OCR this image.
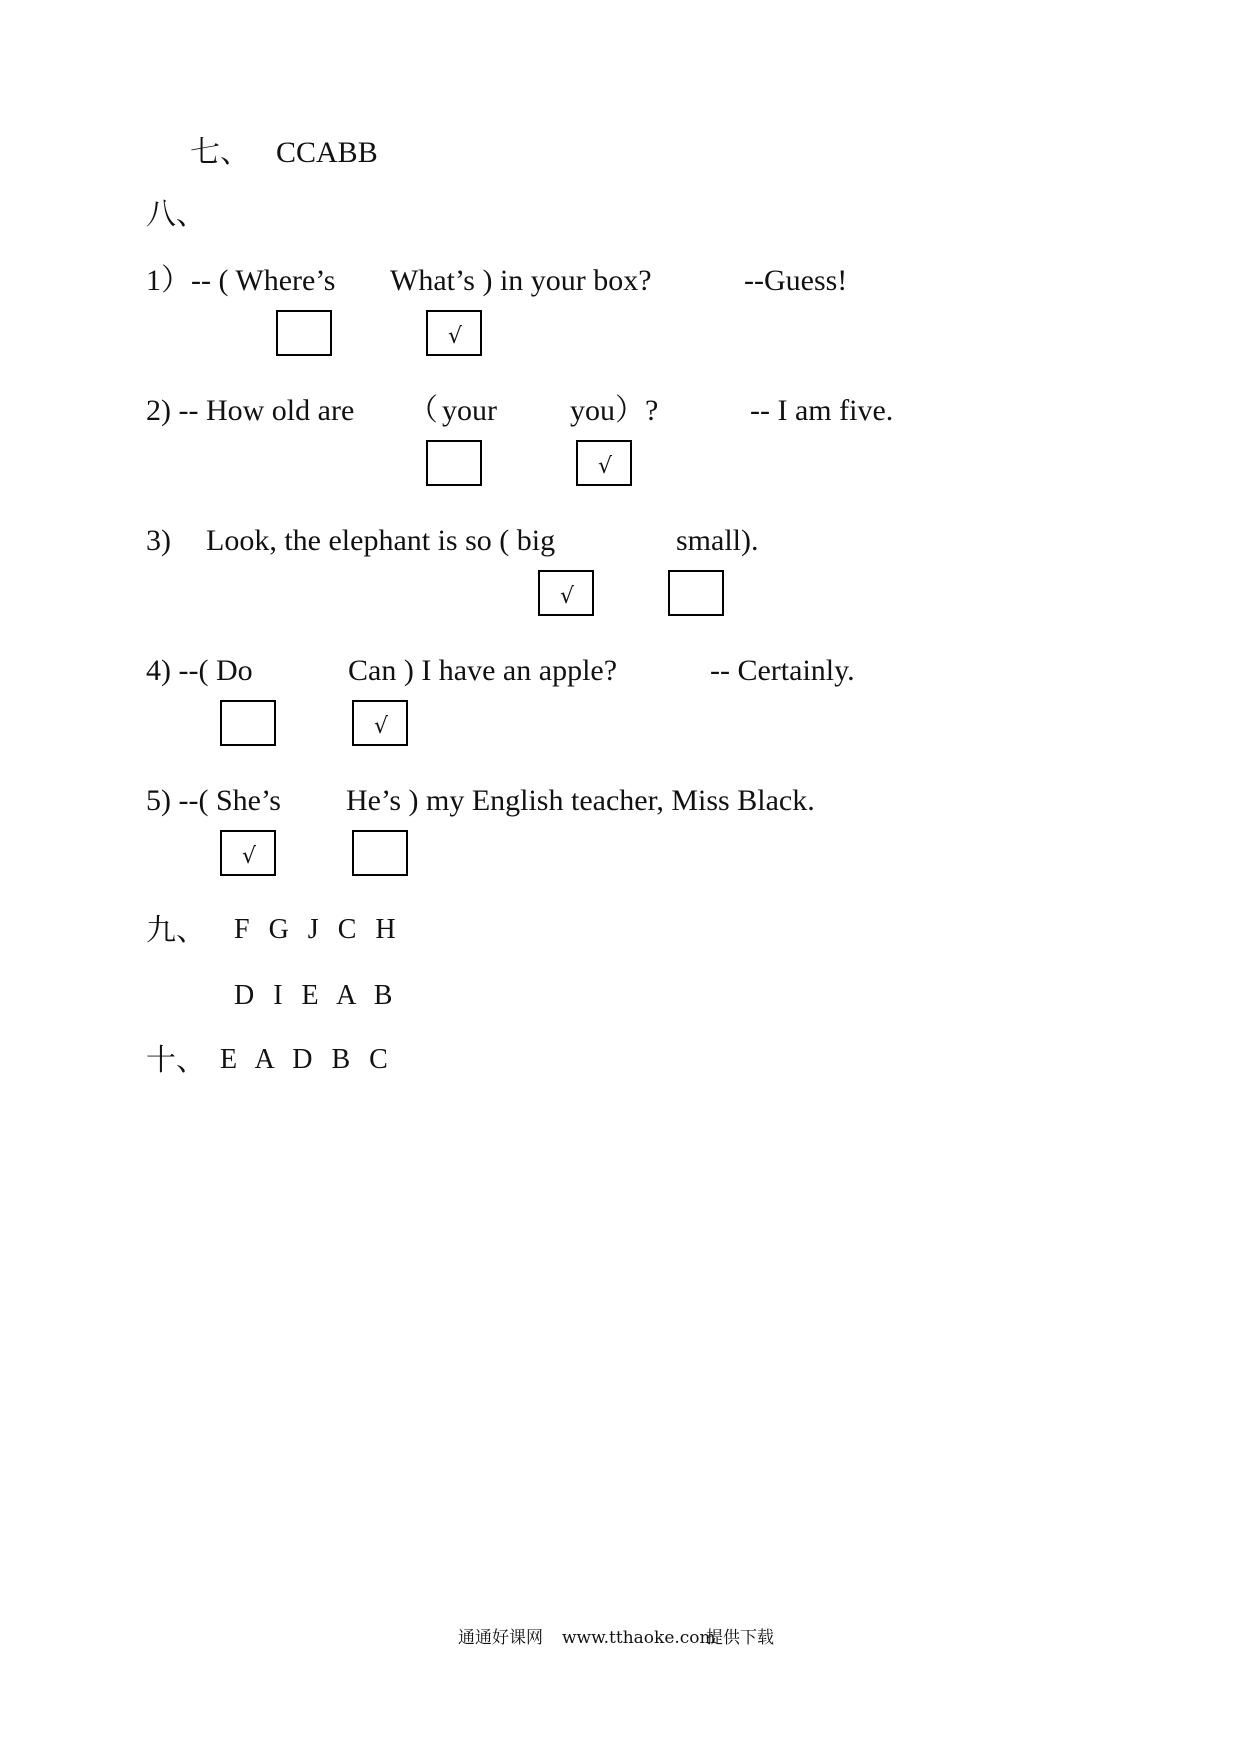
七、 CCABB
八、
1）-- ( Where’s What’s ) in your box?	--Guess!
√
2) -- How old are （ your you）?	-- I am five.
√
3) Look, the elephant is so ( big	small).
√
4) --( Do	Can ) I have an apple?	-- Certainly.
√
5) --( She’s He’s ) my English teacher, Miss Black.
√
九、 F G J C H
D I E A B
十、 E A D B C
通通好课网 www.tthaoke.com
提供下载
